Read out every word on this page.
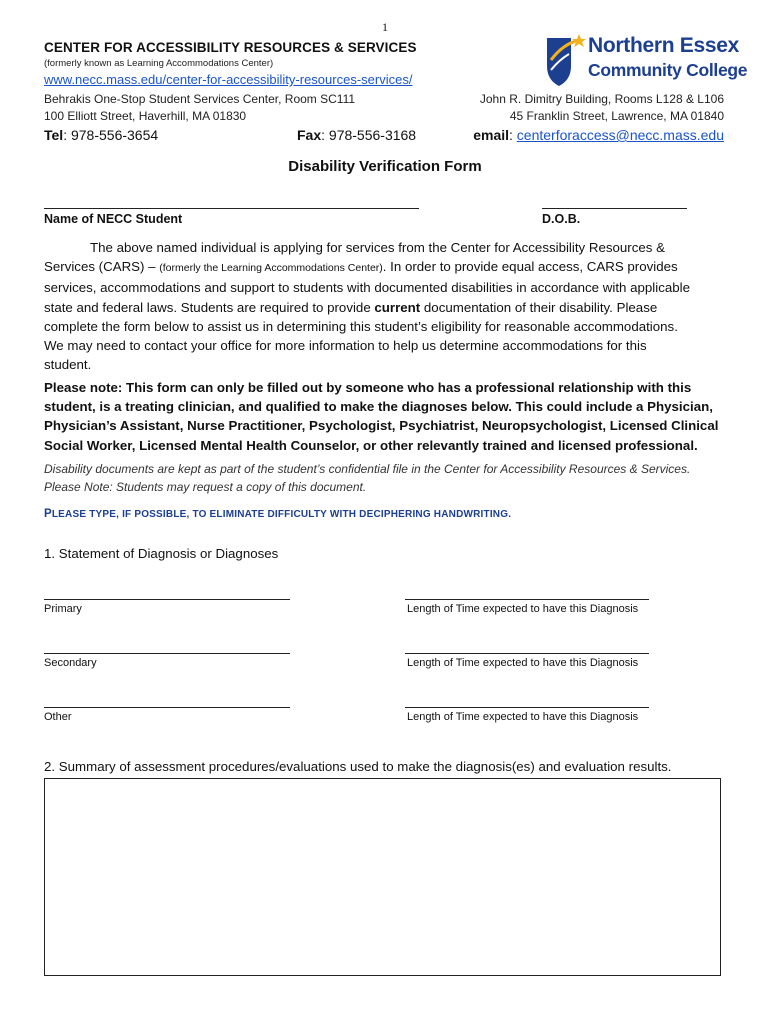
1
CENTER FOR ACCESSIBILITY RESOURCES & SERVICES
(formerly known as Learning Accommodations Center)
www.necc.mass.edu/center-for-accessibility-resources-services/
Behrakis One-Stop Student Services Center, Room SC111
100 Elliott Street, Haverhill, MA 01830
John R. Dimitry Building, Rooms L128 & L106
45 Franklin Street, Lawrence, MA 01840
Northern Essex
Community College
Tel: 978-556-3654	Fax: 978-556-3168	email: centerforaccess@necc.mass.edu
Disability Verification Form
Name of NECC Student	D.O.B.
The above named individual is applying for services from the Center for Accessibility Resources &
Services (CARS) – (formerly the Learning Accommodations Center). In order to provide equal access, CARS provides
services, accommodations and support to students with documented disabilities in accordance with applicable
state and federal laws. Students are required to provide current documentation of their disability. Please
complete the form below to assist us in determining this student’s eligibility for reasonable accommodations.
We may need to contact your office for more information to help us determine accommodations for this
student.
Please note: This form can only be filled out by someone who has a professional relationship with this
student, is a treating clinician, and qualified to make the diagnoses below. This could include a Physician,
Physician’s Assistant, Nurse Practitioner, Psychologist, Psychiatrist, Neuropsychologist, Licensed Clinical
Social Worker, Licensed Mental Health Counselor, or other relevantly trained and licensed professional.
Disability documents are kept as part of the student’s confidential file in the Center for Accessibility Resources & Services.
Please Note: Students may request a copy of this document.
PLEASE TYPE, IF POSSIBLE, TO ELIMINATE DIFFICULTY WITH DECIPHERING HANDWRITING.
1. Statement of Diagnosis or Diagnoses
Primary	Length of Time expected to have this Diagnosis
Secondary	Length of Time expected to have this Diagnosis
Other	Length of Time expected to have this Diagnosis
2. Summary of assessment procedures/evaluations used to make the diagnosis(es) and evaluation results.
